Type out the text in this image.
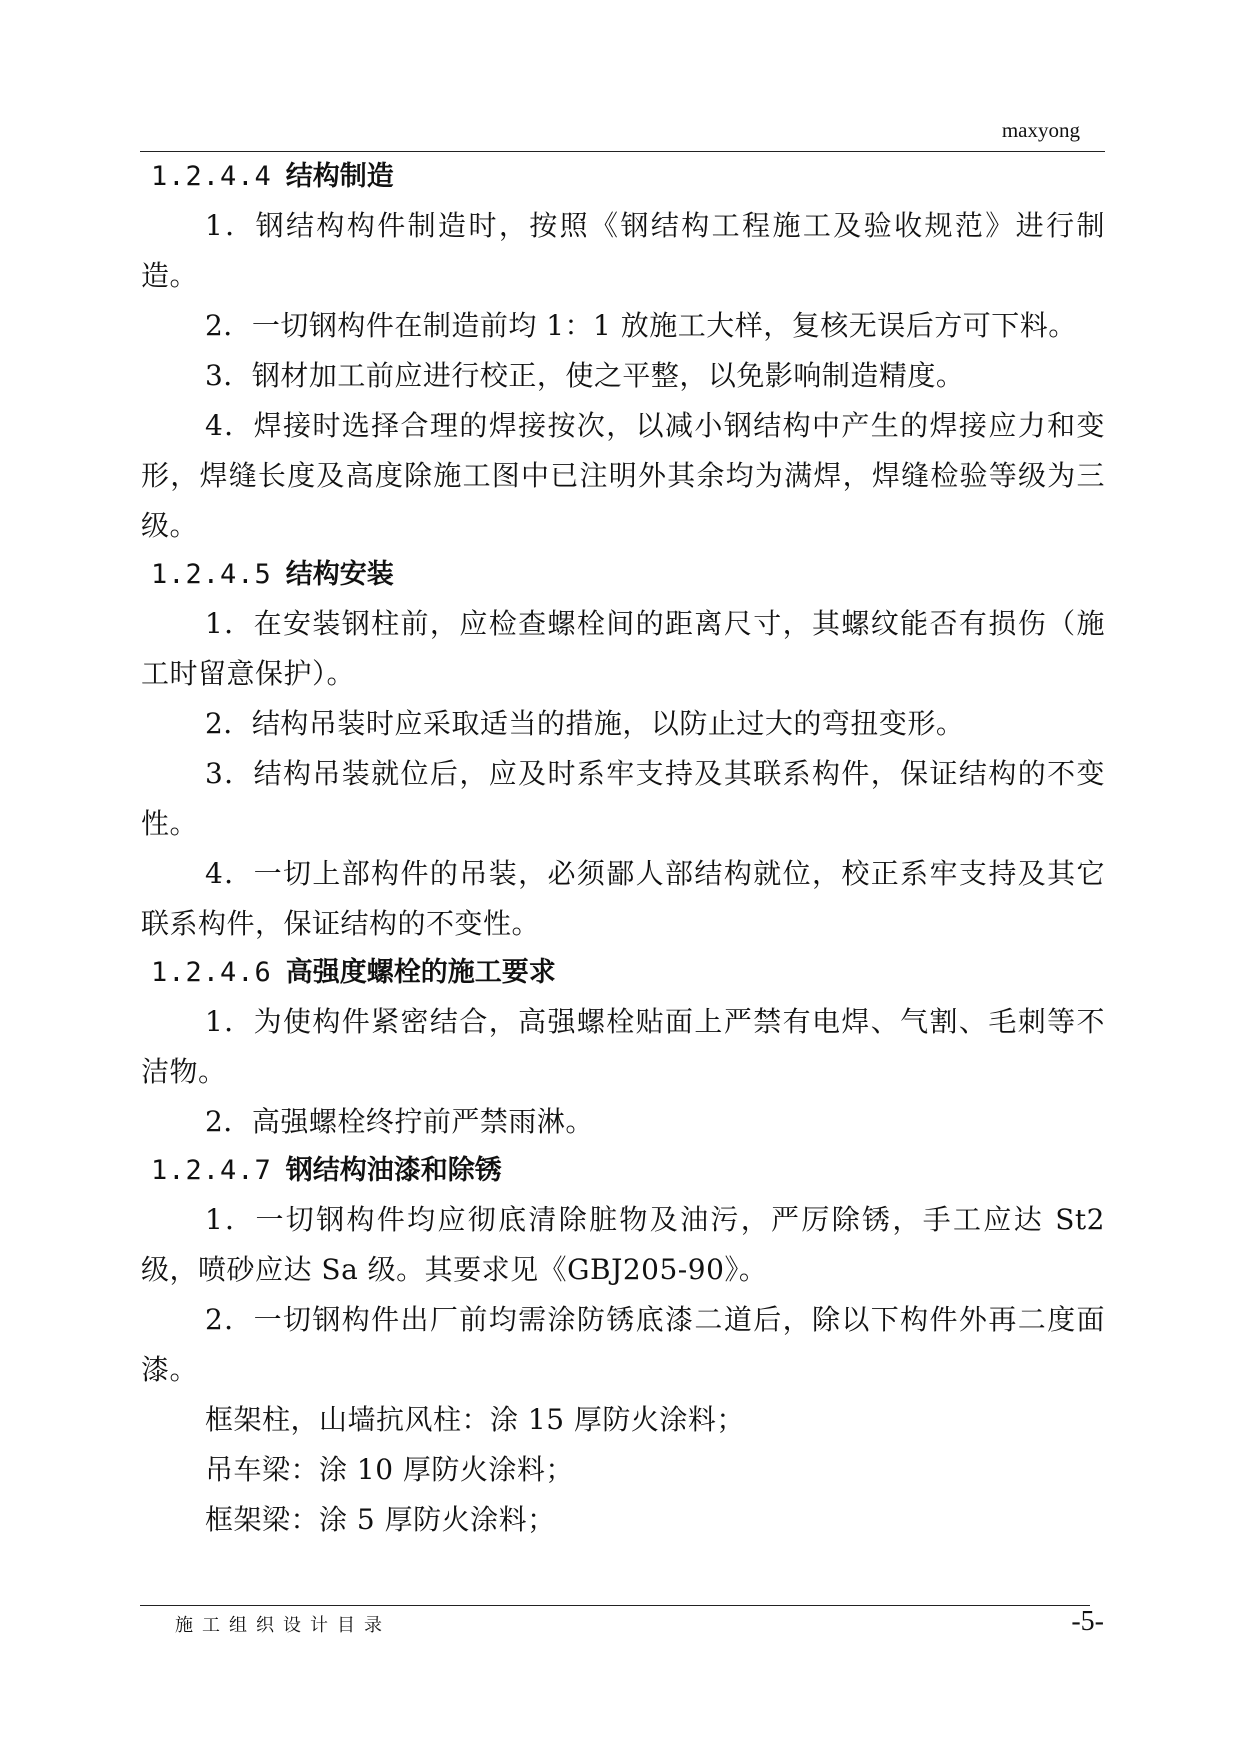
maxyong
1.2.4.4 结构制造

1．钢结构构件制造时，按照《钢结构工程施工及验收规范》进行制造。

2．一切钢构件在制造前均 1：1 放施工大样，复核无误后方可下料。

3．钢材加工前应进行校正，使之平整，以免影响制造精度。

4．焊接时选择合理的焊接按次，以减小钢结构中产生的焊接应力和变形，焊缝长度及高度除施工图中已注明外其余均为满焊，焊缝检验等级为三级。

1.2.4.5 结构安装

1．在安装钢柱前，应检查螺栓间的距离尺寸，其螺纹能否有损伤（施工时留意保护）。

2．结构吊装时应采取适当的措施，以防止过大的弯扭变形。

3．结构吊装就位后，应及时系牢支持及其联系构件，保证结构的不变性。

4．一切上部构件的吊装，必须鄙人部结构就位，校正系牢支持及其它联系构件，保证结构的不变性。

1.2.4.6 高强度螺栓的施工要求

1．为使构件紧密结合，高强螺栓贴面上严禁有电焊、气割、毛刺等不洁物。

2．高强螺栓终拧前严禁雨淋。

1.2.4.7 钢结构油漆和除锈

1．一切钢构件均应彻底清除脏物及油污，严厉除锈，手工应达 St2 级，喷砂应达 Sa 级。其要求见《GBJ205-90》。

2．一切钢构件出厂前均需涂防锈底漆二道后，除以下构件外再二度面漆。

框架柱，山墙抗风柱：涂 15 厚防火涂料；

吊车梁：涂 10 厚防火涂料；

框架梁：涂 5 厚防火涂料；

施工组织设计目录	-5-
